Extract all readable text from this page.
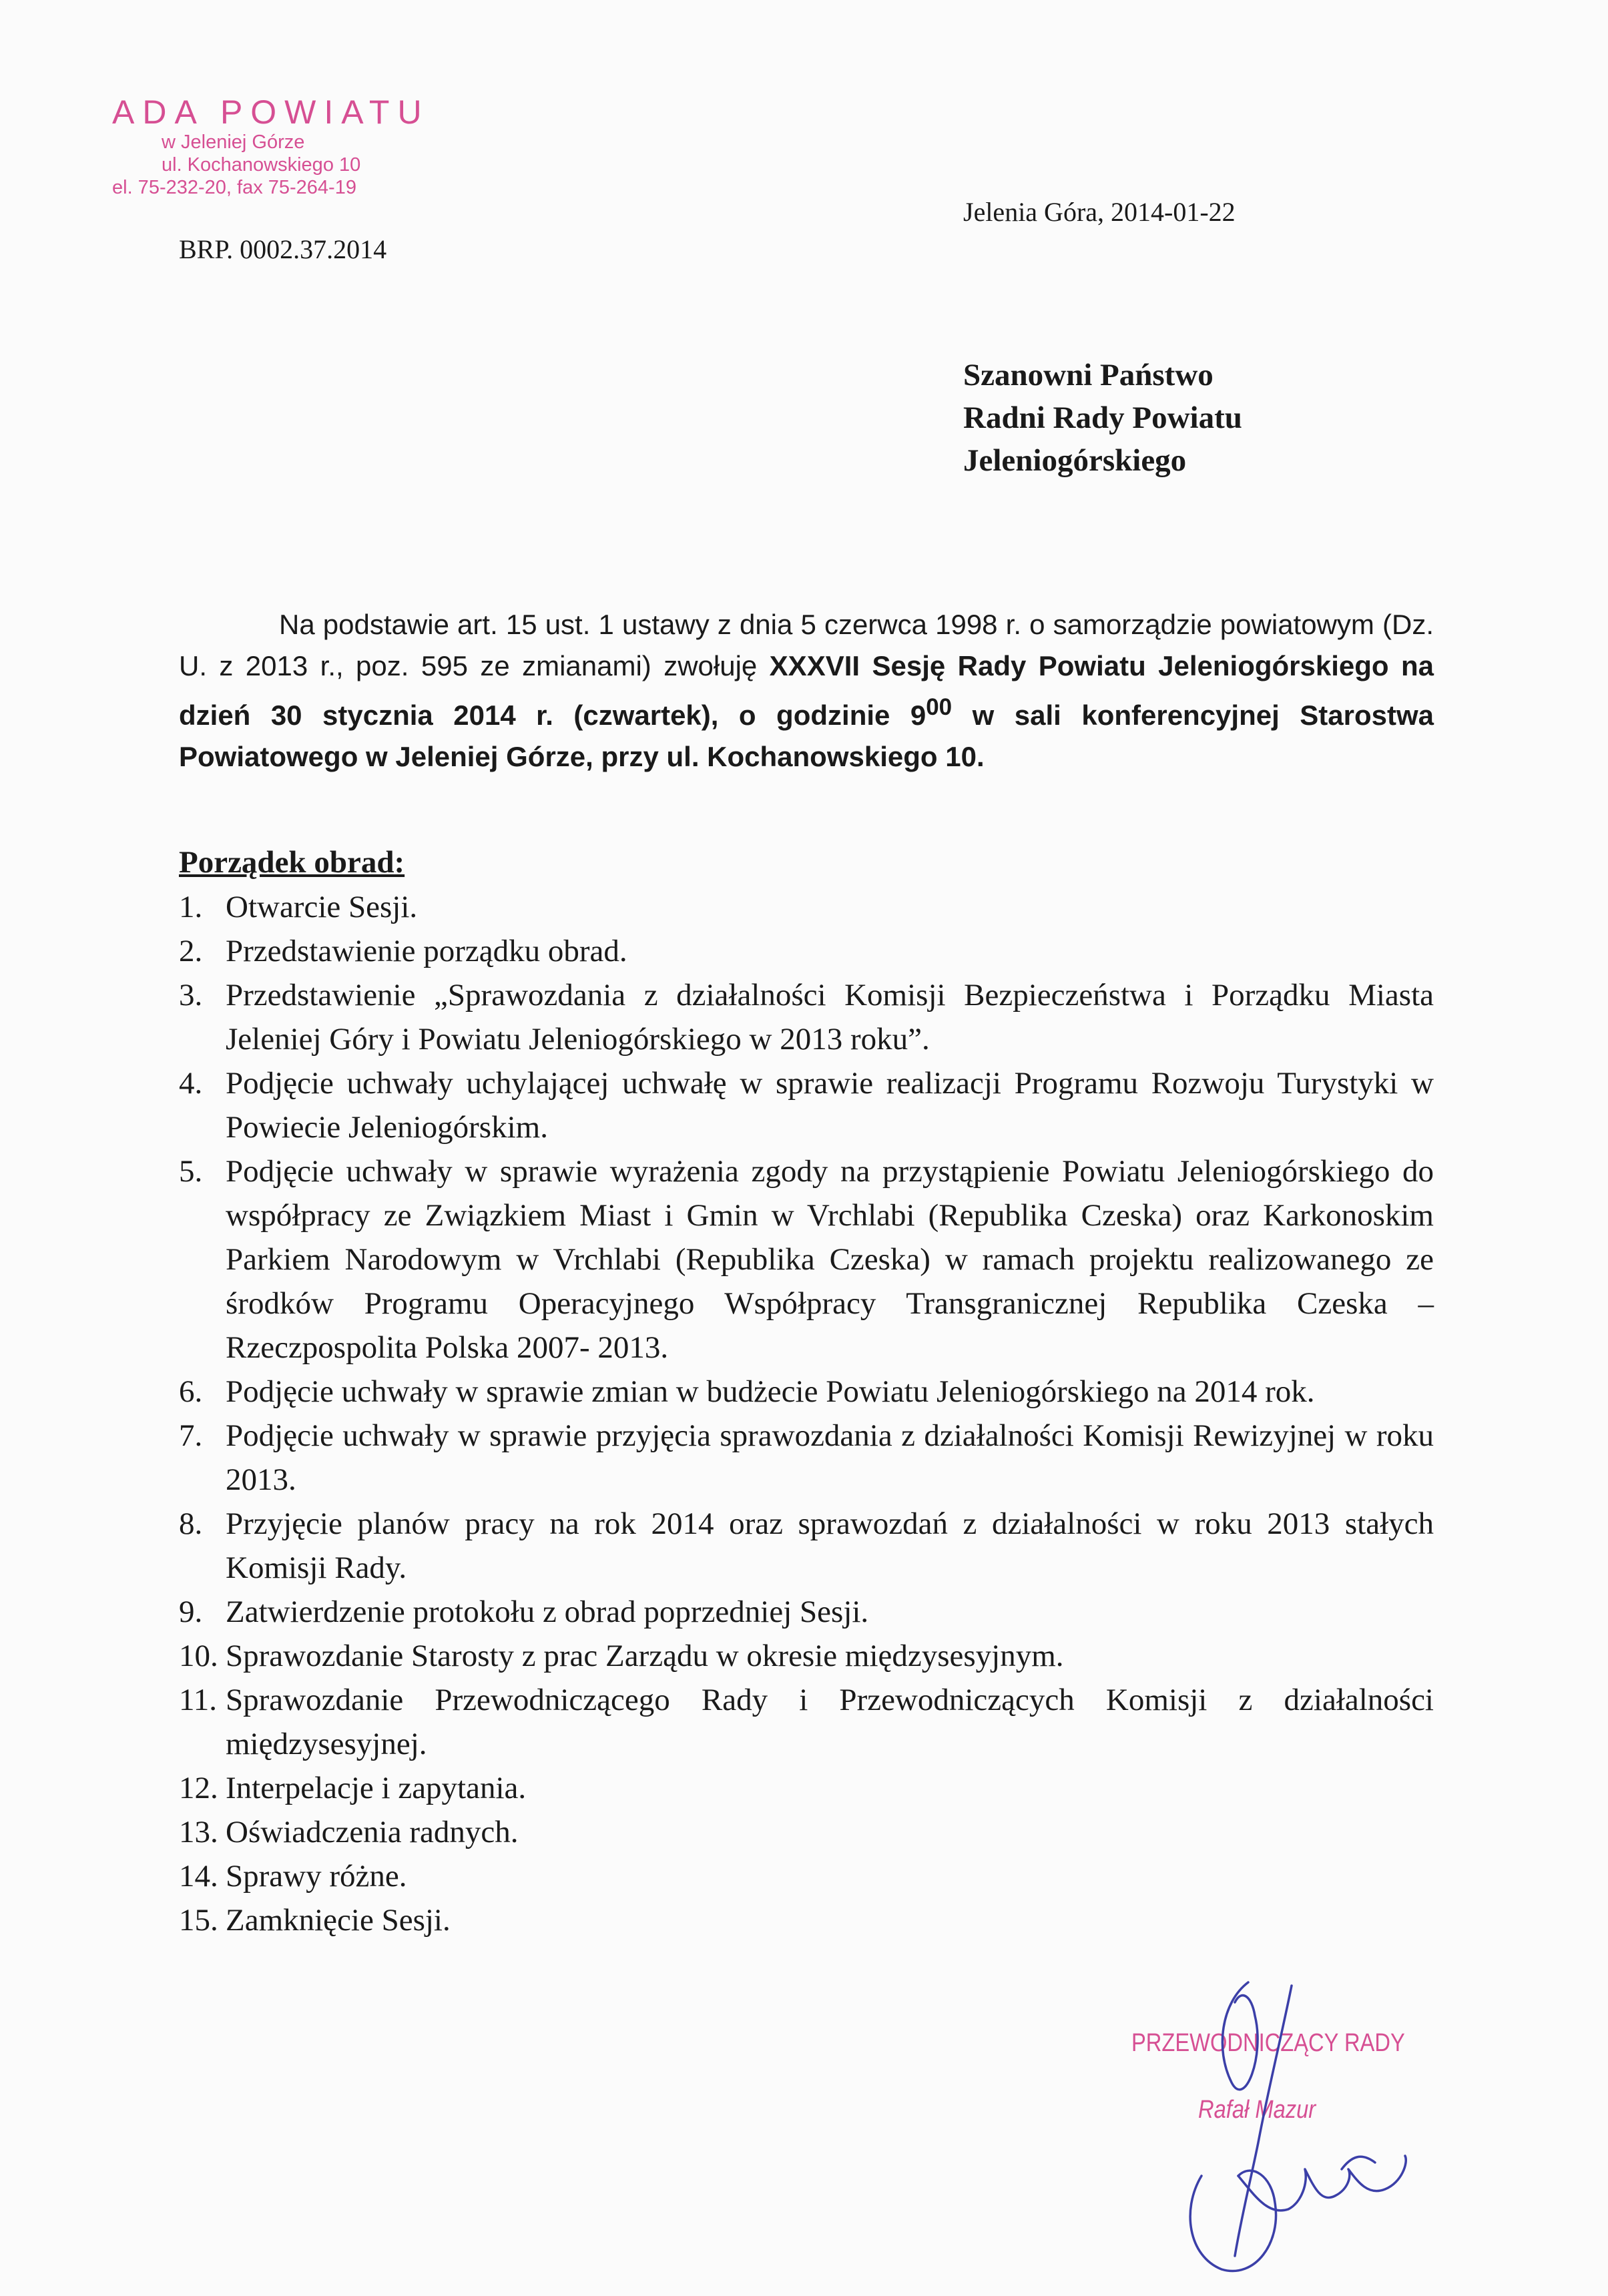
ADA POWIATU
w Jeleniej Górze
ul. Kochanowskiego 10
el. 75-232-20, fax 75-264-19
BRP. 0002.37.2014
Jelenia Góra, 2014-01-22
Szanowni Państwo
Radni Rady Powiatu
Jeleniogórskiego
Na podstawie art. 15 ust. 1 ustawy z dnia 5 czerwca 1998 r. o samorządzie powiatowym (Dz. U. z 2013 r., poz. 595 ze zmianami) zwołuję XXXVII Sesję Rady Powiatu Jeleniogórskiego na dzień 30 stycznia 2014 r. (czwartek), o godzinie $9^{00}$ w sali konferencyjnej Starostwa Powiatowego w Jeleniej Górze, przy ul. Kochanowskiego 10.
Porządek obrad:
1. Otwarcie Sesji.
2. Przedstawienie porządku obrad.
3. Przedstawienie „Sprawozdania z działalności Komisji Bezpieczeństwa i Porządku Miasta Jeleniej Góry i Powiatu Jeleniogórskiego w 2013 roku”.
4. Podjęcie uchwały uchylającej uchwałę w sprawie realizacji Programu Rozwoju Turystyki w Powiecie Jeleniogórskim.
5. Podjęcie uchwały w sprawie wyrażenia zgody na przystąpienie Powiatu Jeleniogórskiego do współpracy ze Związkiem Miast i Gmin w Vrchlabi (Republika Czeska) oraz Karkonoskim Parkiem Narodowym w Vrchlabi (Republika Czeska) w ramach projektu realizowanego ze środków Programu Operacyjnego Współpracy Transgranicznej Republika Czeska – Rzeczpospolita Polska 2007- 2013.
6. Podjęcie uchwały w sprawie zmian w budżecie Powiatu Jeleniogórskiego na 2014 rok.
7. Podjęcie uchwały w sprawie przyjęcia sprawozdania z działalności Komisji Rewizyjnej w roku 2013.
8. Przyjęcie planów pracy na rok 2014 oraz sprawozdań z działalności w roku 2013 stałych Komisji Rady.
9. Zatwierdzenie protokołu z obrad poprzedniej Sesji.
10. Sprawozdanie Starosty z prac Zarządu w okresie międzysesyjnym.
11. Sprawozdanie Przewodniczącego Rady i Przewodniczących Komisji z działalności międzysesyjnej.
12. Interpelacje i zapytania.
13. Oświadczenia radnych.
14. Sprawy różne.
15. Zamknięcie Sesji.
PRZEWODNICZĄCY RADY
Rafał Mazur
